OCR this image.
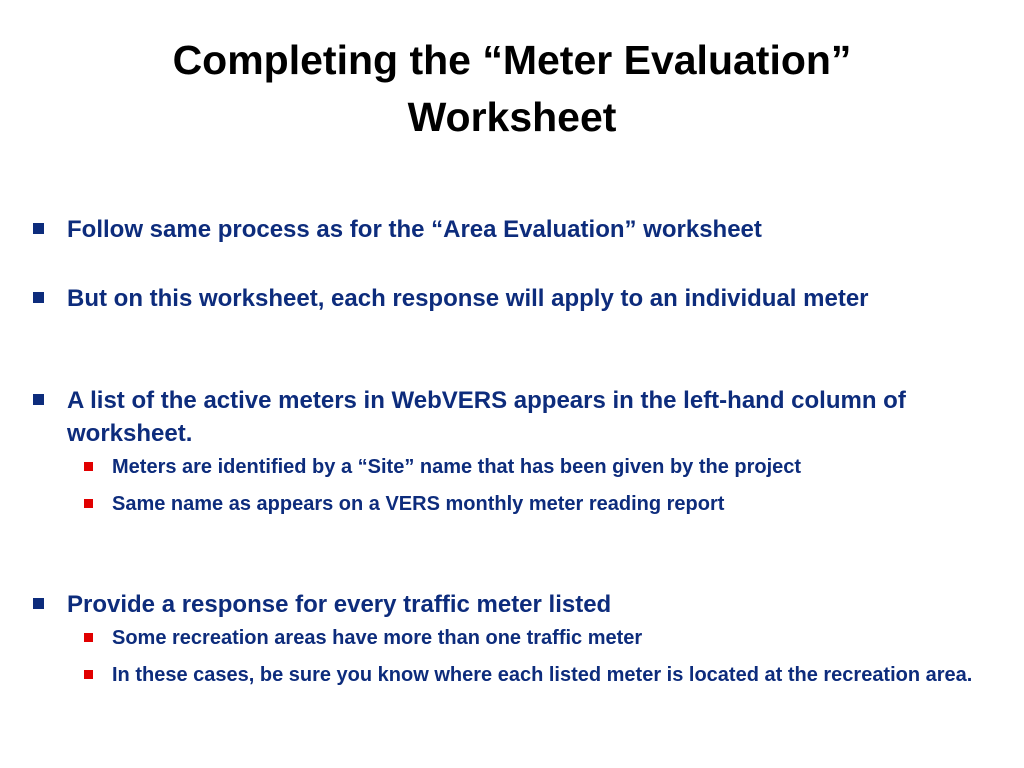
Completing the “Meter Evaluation”
Worksheet
Follow same process as for the “Area Evaluation” worksheet
But on this worksheet, each response will apply to an individual meter
A list of the active meters in WebVERS appears in the left-hand column of worksheet.
Meters are identified by a “Site” name that has been given by the project
Same name as appears on a VERS monthly meter reading report
Provide a response for every traffic meter listed
Some recreation areas have more than one traffic meter
In these cases, be sure you know where each listed meter is located at the recreation area.
